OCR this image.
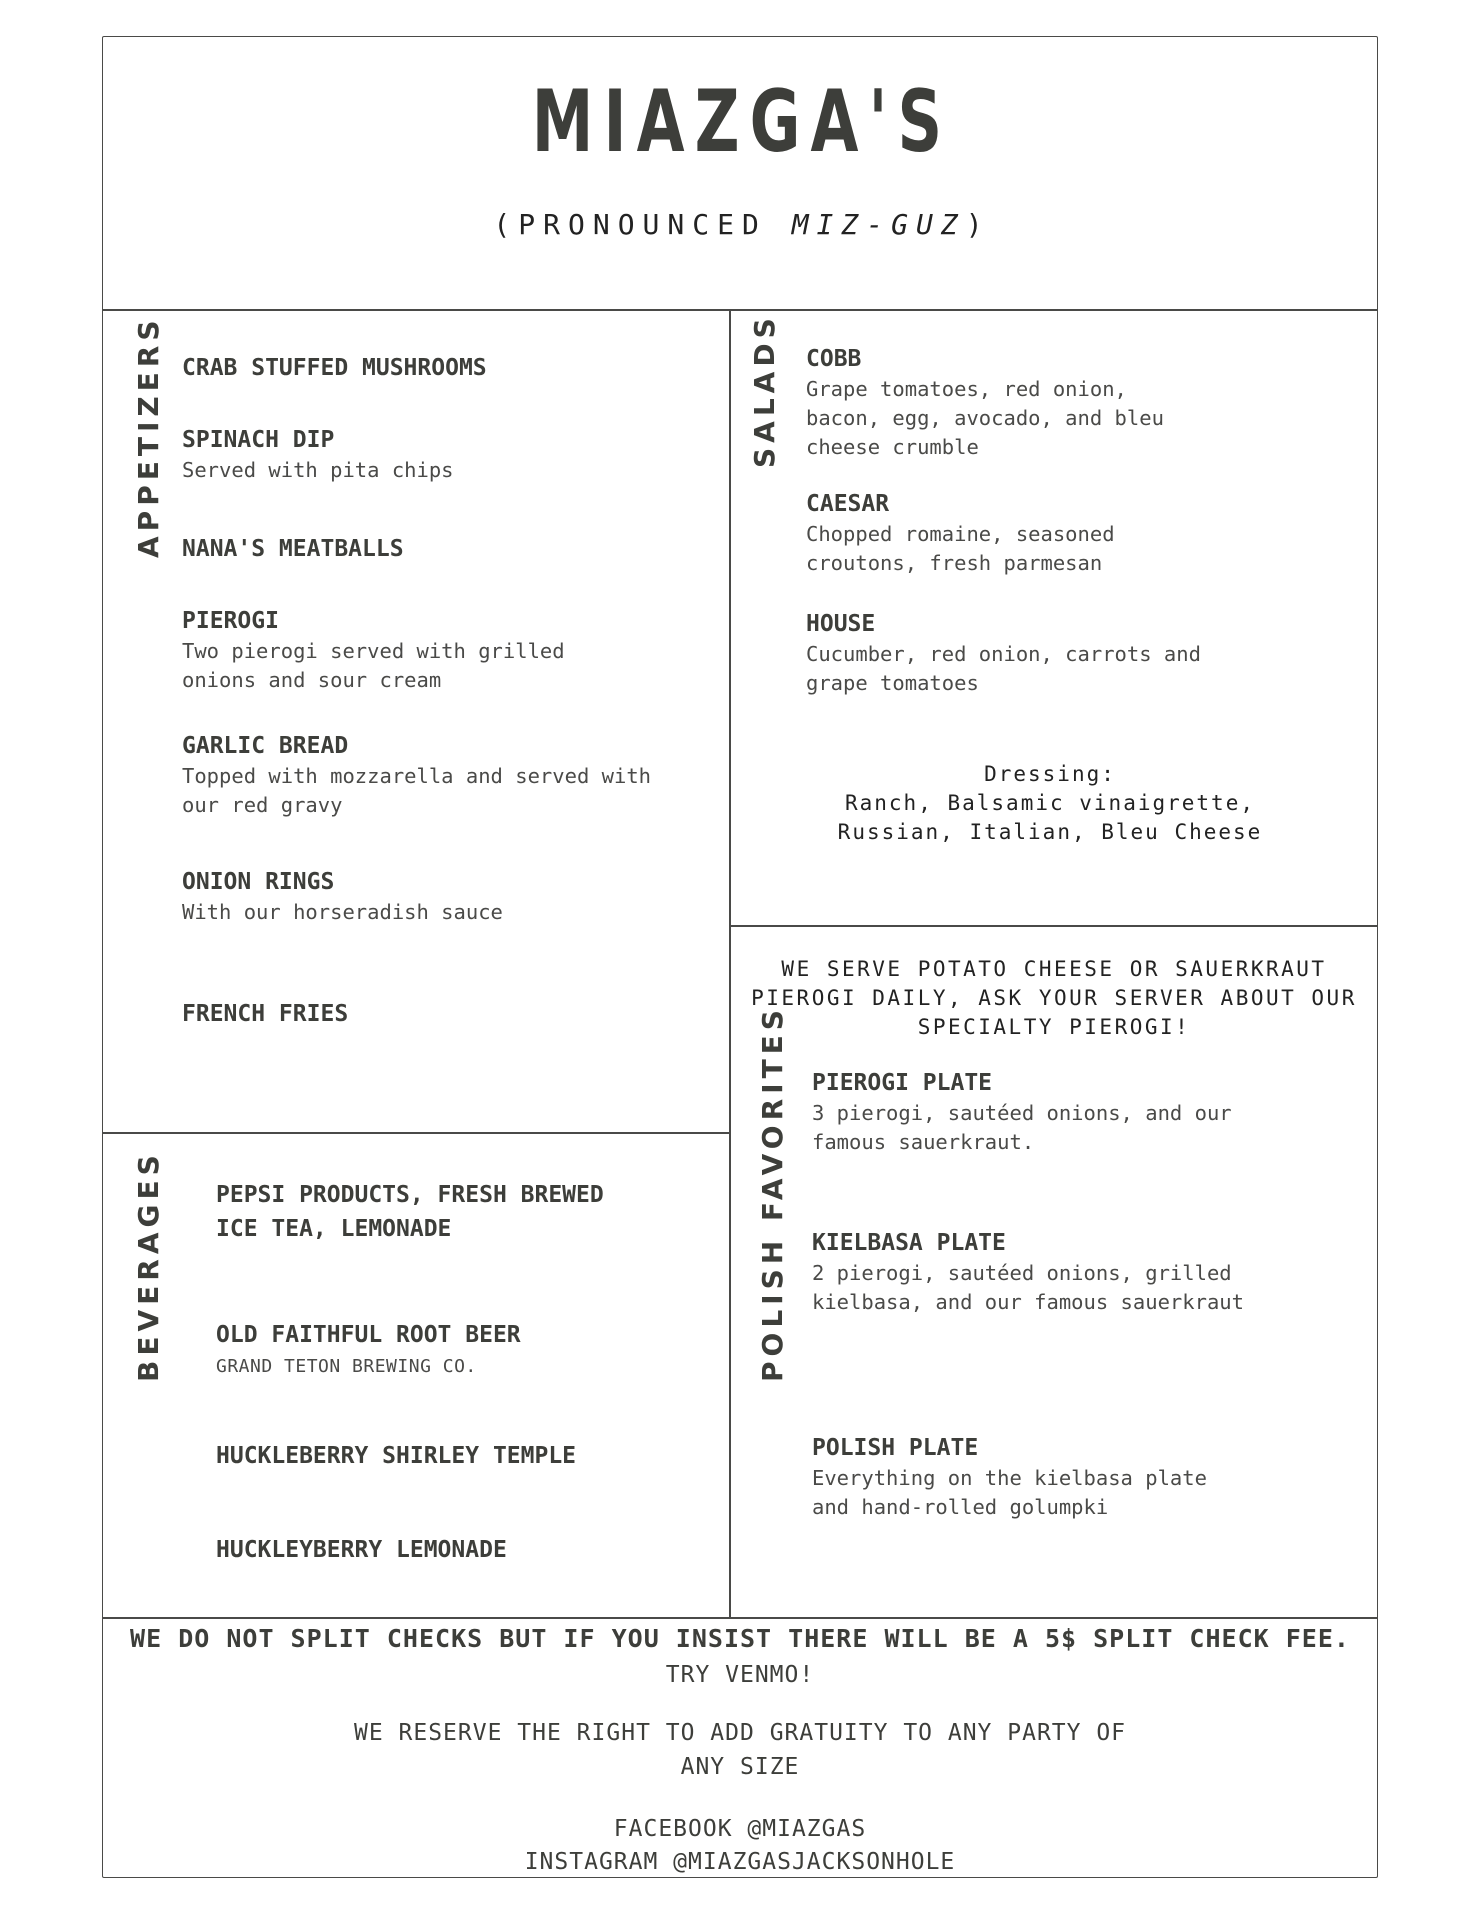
MIAZGA'S
(PRONOUNCED MIZ-GUZ)
APPETIZERS	SALADS
BEVERAGES	POLISH FAVORITES
CRAB STUFFED MUSHROOMS
SPINACH DIP
Served with pita chips
NANA'S MEATBALLS
PIEROGI
Two pierogi served with grilled onions and sour cream
GARLIC BREAD
Topped with mozzarella and served with our red gravy
ONION RINGS
With our horseradish sauce
FRENCH FRIES
COBB
Grape tomatoes, red onion, bacon, egg, avocado, and bleu cheese crumble
CAESAR
Chopped romaine, seasoned croutons, fresh parmesan
HOUSE
Cucumber, red onion, carrots and grape tomatoes
Dressing:
Ranch, Balsamic vinaigrette, Russian, Italian, Bleu Cheese
WE SERVE POTATO CHEESE OR SAUERKRAUT PIEROGI DAILY, ASK YOUR SERVER ABOUT OUR SPECIALTY PIEROGI!
PIEROGI PLATE
3 pierogi, sautéed onions, and our famous sauerkraut.
KIELBASA PLATE
2 pierogi, sautéed onions, grilled kielbasa, and our famous sauerkraut
POLISH PLATE
Everything on the kielbasa plate and hand-rolled golumpki
PEPSI PRODUCTS, FRESH BREWED ICE TEA, LEMONADE
OLD FAITHFUL ROOT BEER
GRAND TETON BREWING CO.
HUCKLEBERRY SHIRLEY TEMPLE
HUCKLEYBERRY LEMONADE
WE DO NOT SPLIT CHECKS BUT IF YOU INSIST THERE WILL BE A 5$ SPLIT CHECK FEE.
TRY VENMO!
WE RESERVE THE RIGHT TO ADD GRATUITY TO ANY PARTY OF ANY SIZE
FACEBOOK @MIAZGAS
INSTAGRAM @MIAZGASJACKSONHOLE
